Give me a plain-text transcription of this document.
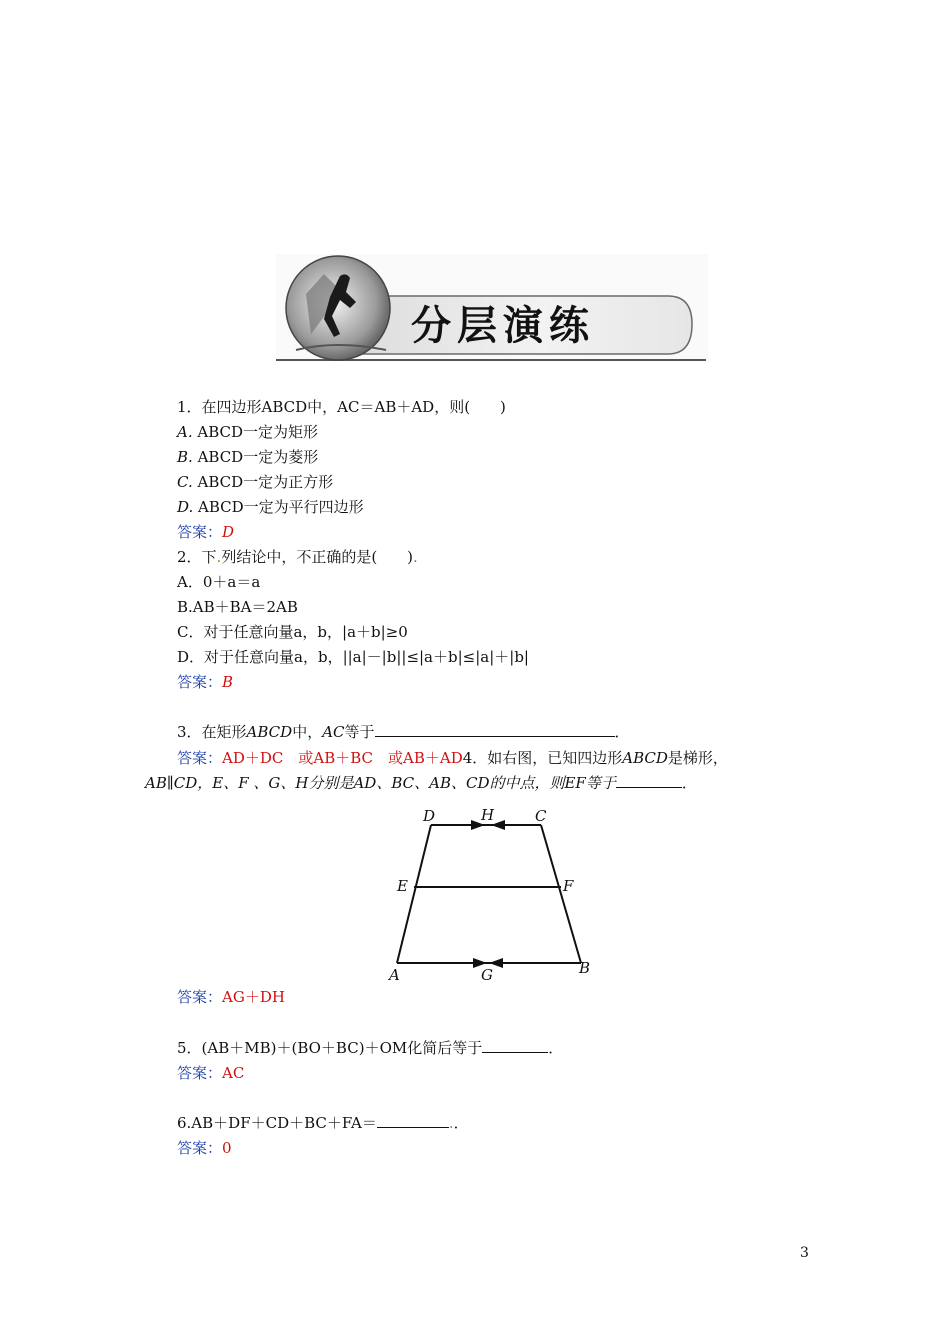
分层演练
1．在四边形ABCD中，AC＝AB＋AD，则(　　)
A. ABCD一定为矩形
B. ABCD一定为菱形
C. ABCD一定为正方形
D. ABCD一定为平行四边形
答案：D
2．下.列结论中，不正确的是(　　).
A．0＋a＝a
B.AB＋BA＝2AB
C．对于任意向量a，b，|a＋b|≥0
D．对于任意向量a，b，||a|－|b||≤|a＋b|≤|a|＋|b|
答案：B
3．在矩形ABCD中，AC等于	．
答案：AD＋DC　或AB＋BC　或AB＋AD4．如右图，已知四边形ABCD是梯形，
AB∥CD，E、F 、G、H分别是AD、BC、AB、CD的中点，则EF等于	．
D	H	C
E	F
A	G	B
答案：AG＋DH
5．(AB＋MB)＋(BO＋BC)＋OM化简后等于	．
答案：AC
6.AB＋DF＋CD＋BC＋FA＝	.．
答案：0
3
